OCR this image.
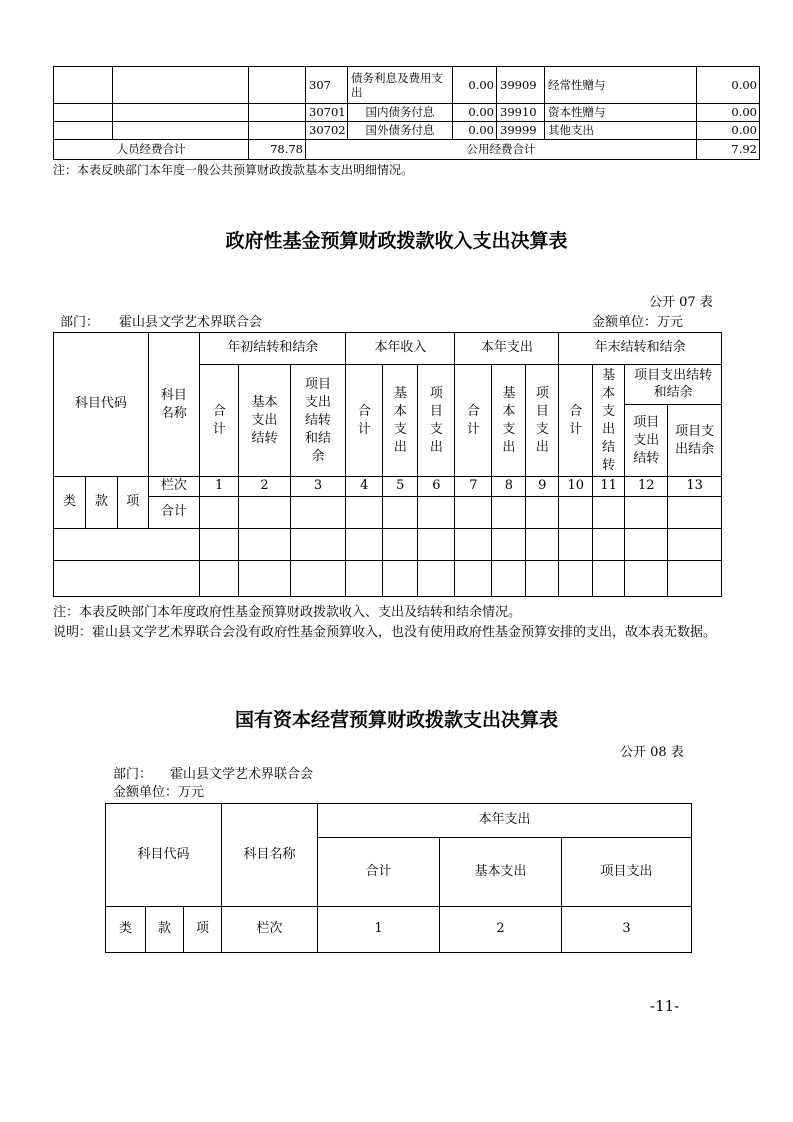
			307	债务利息及费用支出	0.00	39909	经常性赠与	0.00
			30701	国内债务付息	0.00	39910	资本性赠与	0.00
			30702	国外债务付息	0.00	39999	其他支出	0.00
人员经费合计		78.78	公用经费合计					7.92
注：本表反映部门本年度一般公共预算财政拨款基本支出明细情况。
政府性基金预算财政拨款收入支出决算表
公开 07 表
部门： 霍山县文学艺术界联合会	金额单位：万元
科目代码			科目名称	年初结转和结余			本年收入			本年支出			年末结转和结余			
				合计	基本支出结转	项目支出结转和结余	合计	基本支出	项目支出	合计	基本支出	项目支出	合计	基本支出结转	项目支出结转和结余	
															项目支出结转	项目支出结余

类	款	项	栏次	1	2	3	4	5	6	7	8	9	10	11	12	13
			合计													

注：本表反映部门本年度政府性基金预算财政拨款收入、支出及结转和结余情况。
说明：霍山县文学艺术界联合会没有政府性基金预算收入，也没有使用政府性基金预算安排的支出，故本表无数据。
国有资本经营预算财政拨款支出决算表
公开 08 表
部门： 霍山县文学艺术界联合会
金额单位：万元
科目代码			科目名称	本年支出		
				合计	基本支出	项目支出
类	款	项	栏次	1	2	3
-11-
